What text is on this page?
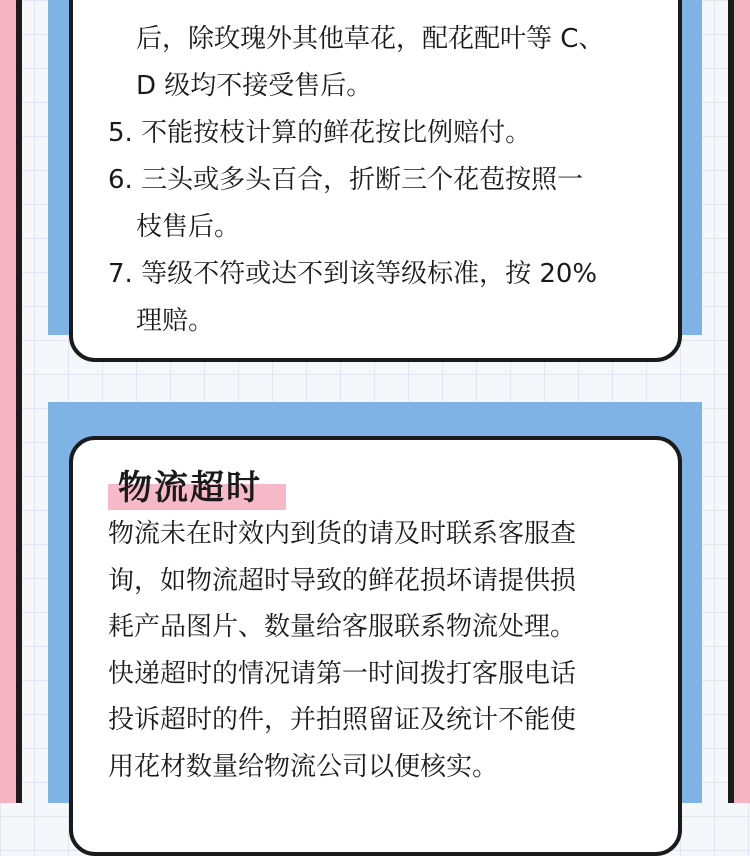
后，除玫瑰外其他草花，配花配叶等 C、
D 级均不接受售后。
5. 不能按枝计算的鲜花按比例赔付。
6. 三头或多头百合，折断三个花苞按照一
枝售后。
7. 等级不符或达不到该等级标准，按 20%
理赔。
物流超时
物流未在时效内到货的请及时联系客服查
询，如物流超时导致的鲜花损坏请提供损
耗产品图片、数量给客服联系物流处理。
快递超时的情况请第一时间拨打客服电话
投诉超时的件，并拍照留证及统计不能使
用花材数量给物流公司以便核实。
